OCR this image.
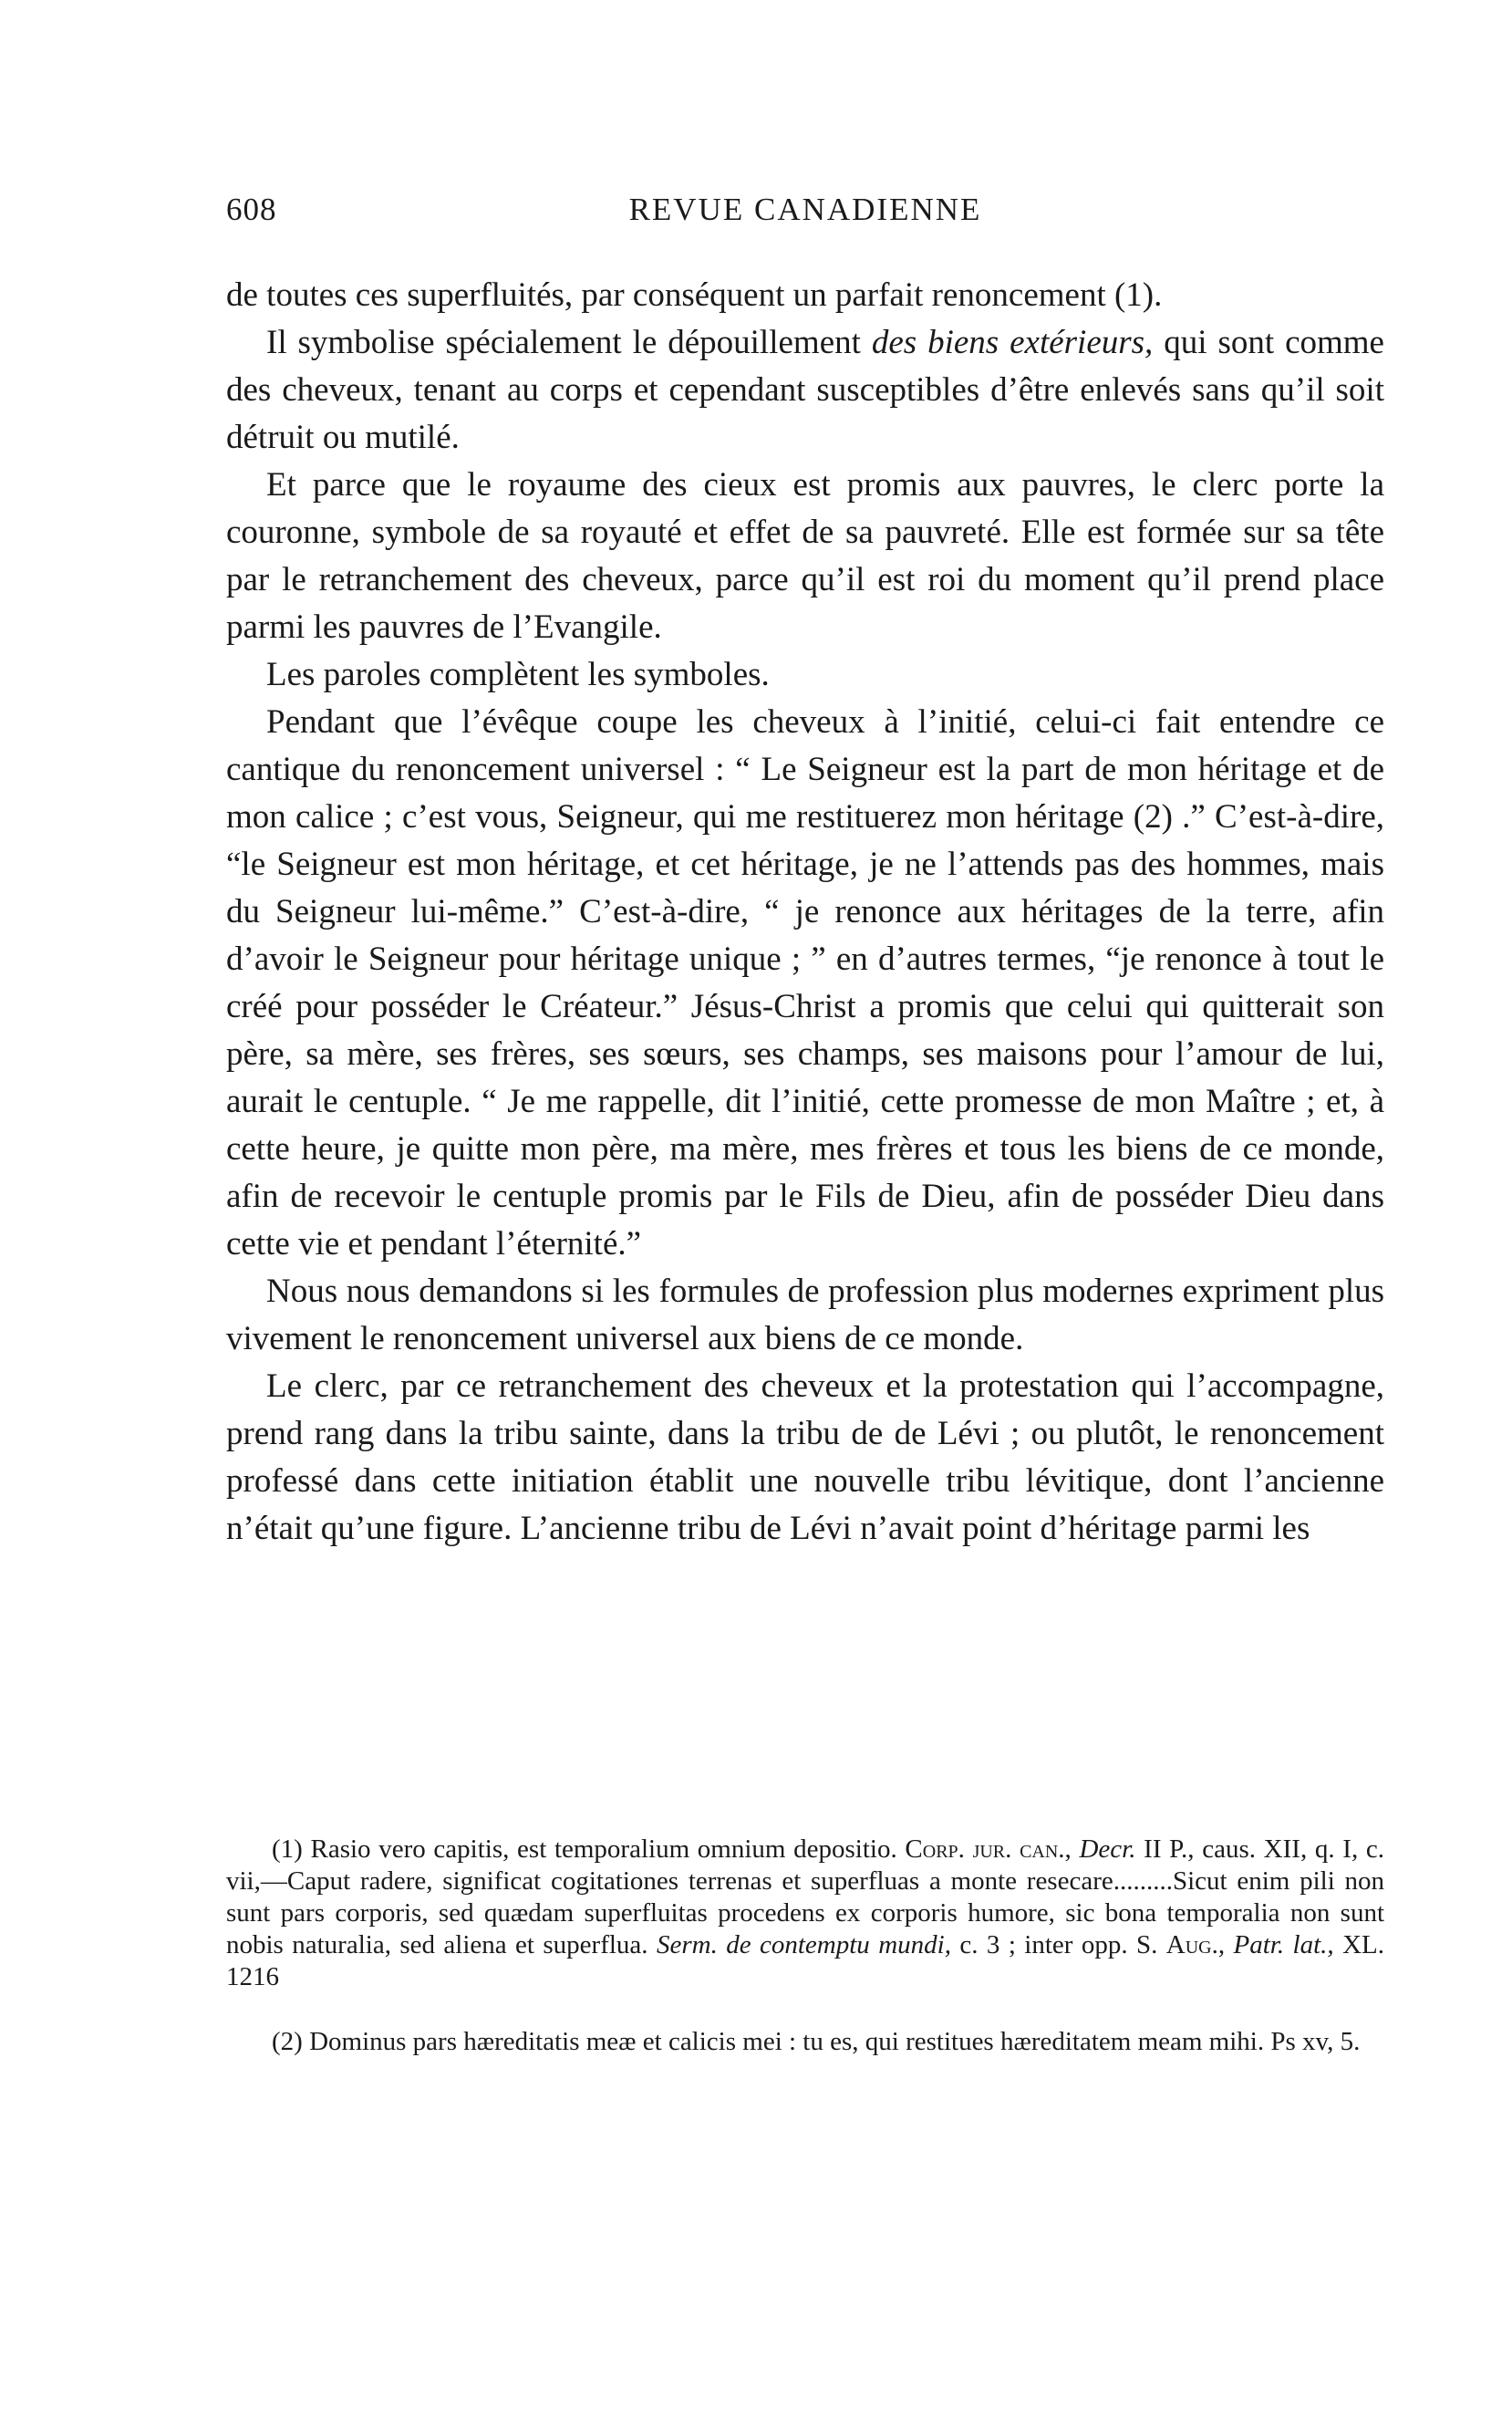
608	REVUE CANADIENNE

de toutes ces superfluités, par conséquent un parfait renoncement (1).

Il symbolise spécialement le dépouillement des biens extérieurs, qui sont comme des cheveux, tenant au corps et cependant susceptibles d’être enlevés sans qu’il soit détruit ou mutilé.

Et parce que le royaume des cieux est promis aux pauvres, le clerc porte la couronne, symbole de sa royauté et effet de sa pauvreté. Elle est formée sur sa tête par le retranchement des cheveux, parce qu’il est roi du moment qu’il prend place parmi les pauvres de l’Evangile.

Les paroles complètent les symboles.

Pendant que l’évêque coupe les cheveux à l’initié, celui-ci fait entendre ce cantique du renoncement universel : “ Le Seigneur est la part de mon héritage et de mon calice ; c’est vous, Seigneur, qui me restituerez mon héritage (2) .” C’est-à-dire, “le Seigneur est mon héritage, et cet héritage, je ne l’attends pas des hommes, mais du Seigneur lui-même.” C’est-à-dire, “ je renonce aux héritages de la terre, afin d’avoir le Seigneur pour héritage unique ; ” en d’autres termes, “je renonce à tout le créé pour posséder le Créateur.” Jésus-Christ a promis que celui qui quitterait son père, sa mère, ses frères, ses sœurs, ses champs, ses maisons pour l’amour de lui, aurait le centuple. “ Je me rappelle, dit l’initié, cette promesse de mon Maître ; et, à cette heure, je quitte mon père, ma mère, mes frères et tous les biens de ce monde, afin de recevoir le centuple promis par le Fils de Dieu, afin de posséder Dieu dans cette vie et pendant l’éternité.”

Nous nous demandons si les formules de profession plus modernes expriment plus vivement le renoncement universel aux biens de ce monde.

Le clerc, par ce retranchement des cheveux et la protestation qui l’accompagne, prend rang dans la tribu sainte, dans la tribu de de Lévi ; ou plutôt, le renoncement professé dans cette initiation établit une nouvelle tribu lévitique, dont l’ancienne n’était qu’une figure. L’ancienne tribu de Lévi n’avait point d’héritage parmi les

(1) Rasio vero capitis, est temporalium omnium depositio. Corp. jur. can., Decr. II P., caus. XII, q. I, c. vii,—Caput radere, significat cogitationes terrenas et superfluas a monte resecare.........Sicut enim pili non sunt pars corporis, sed quædam superfluitas procedens ex corporis humore, sic bona temporalia non sunt nobis naturalia, sed aliena et superflua. Serm. de contemptu mundi, c. 3 ; inter opp. S. Aug., Patr. lat., XL. 1216

(2) Dominus pars hæreditatis meæ et calicis mei : tu es, qui restitues hæreditatem meam mihi. Ps xv, 5.
